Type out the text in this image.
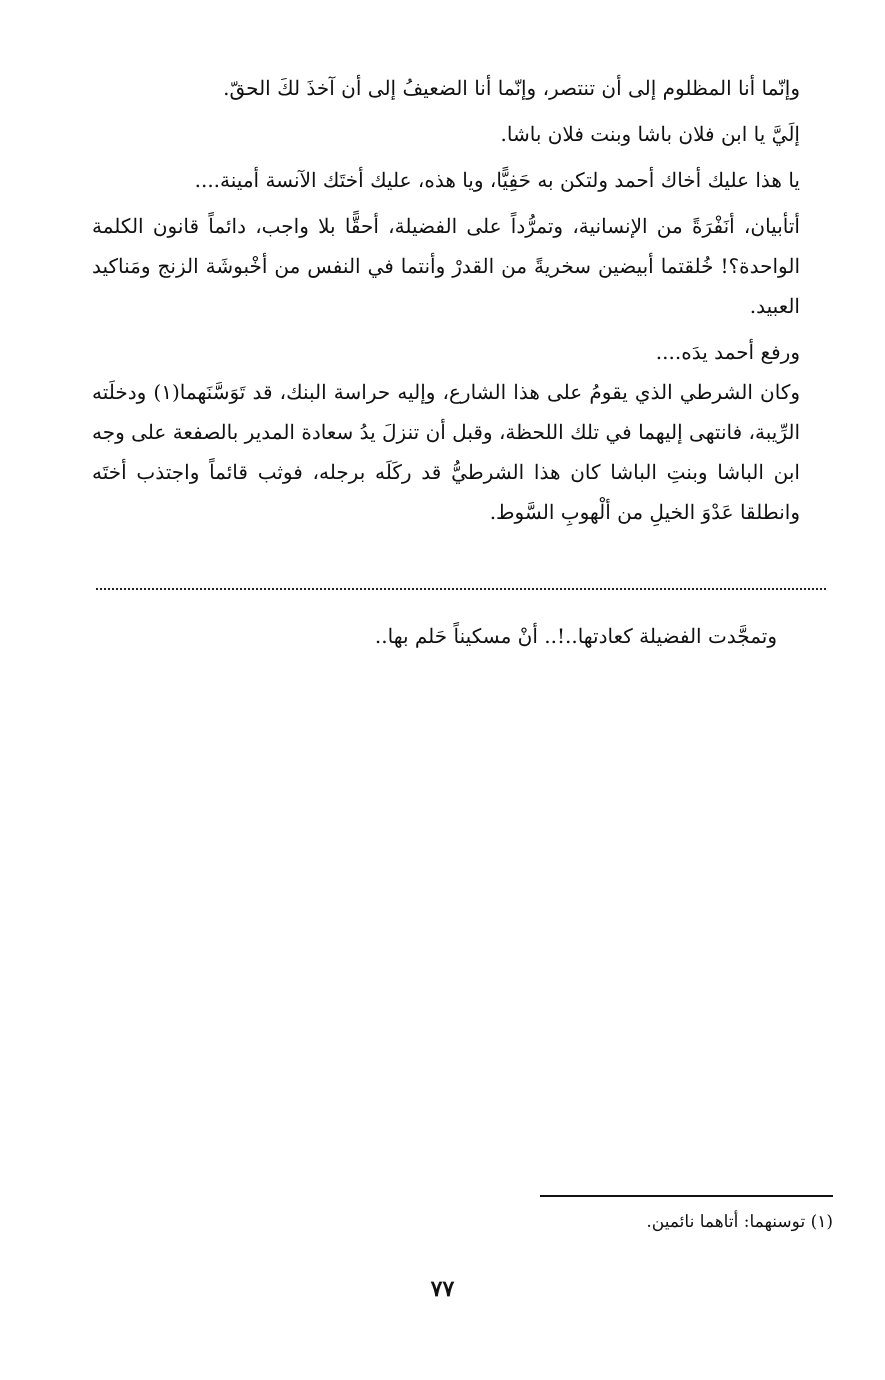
وإنّما أنا المظلوم إلى أن تنتصر، وإنّما أنا الضعيفُ إلى أن آخذَ لكَ الحقّ.

إلَيَّ يا ابن فلان باشا وبنت فلان باشا.

يا هذا عليك أخاك أحمد ولتكن به حَفِيًّا، ويا هذه، عليك أختَك الآنسة أمينة....

أتأبيان، أنَفْرَةً من الإنسانية، وتمرُّداً على الفضيلة، أحقًّا بلا واجب، دائماً قانون الكلمة الواحدة؟! خُلقتما أبيضين سخريةً من القدرْ وأنتما في النفس من أخْبوشَة الزنج ومَناكيد العبيد.

ورفع أحمد يدَه....

وكان الشرطي الذي يقومُ على هذا الشارع، وإليه حراسة البنك، قد تَوَسَّنَهما(١) ودخلَته الرِّيبة، فانتهى إليهما في تلك اللحظة، وقبل أن تنزلَ يدُ سعادة المدير بالصفعة على وجه ابن الباشا وبنتِ الباشا كان هذا الشرطيُّ قد ركَلَه برجله، فوثب قائماً واجتذب أختَه وانطلقا عَدْوَ الخيلِ من ألْهوبِ السَّوط.

وتمجَّدت الفضيلة كعادتها..!.. أنْ مسكيناً حَلم بها..
(١) توسنهما: أتاهما نائمين.
٧٧
